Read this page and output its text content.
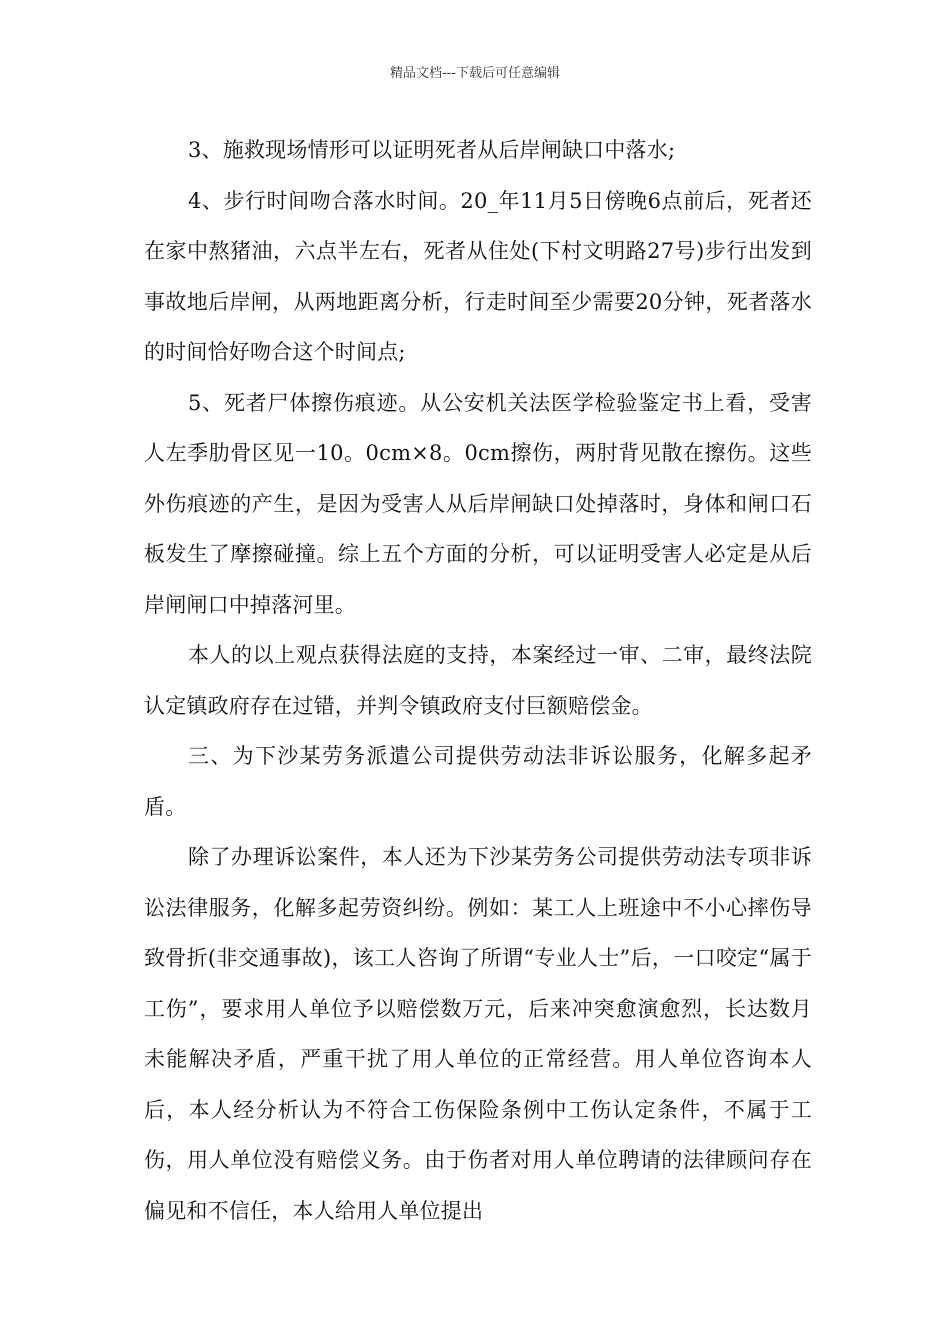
精品文档---下载后可任意编辑

3、施救现场情形可以证明死者从后岸闸缺口中落水;

4、步行时间吻合落水时间。20_年11月5日傍晚6点前后，死者还在家中熬猪油，六点半左右，死者从住处(下村文明路27号)步行出发到事故地后岸闸，从两地距离分析，行走时间至少需要20分钟，死者落水的时间恰好吻合这个时间点;

5、死者尸体擦伤痕迹。从公安机关法医学检验鉴定书上看，受害人左季肋骨区见一10。0cm×8。0cm擦伤，两肘背见散在擦伤。这些外伤痕迹的产生，是因为受害人从后岸闸缺口处掉落时，身体和闸口石板发生了摩擦碰撞。综上五个方面的分析，可以证明受害人必定是从后岸闸闸口中掉落河里。

本人的以上观点获得法庭的支持，本案经过一审、二审，最终法院认定镇政府存在过错，并判令镇政府支付巨额赔偿金。

三、为下沙某劳务派遣公司提供劳动法非诉讼服务，化解多起矛盾。

除了办理诉讼案件，本人还为下沙某劳务公司提供劳动法专项非诉讼法律服务，化解多起劳资纠纷。例如：某工人上班途中不小心摔伤导致骨折(非交通事故)，该工人咨询了所谓“专业人士”后，一口咬定“属于工伤”，要求用人单位予以赔偿数万元，后来冲突愈演愈烈，长达数月未能解决矛盾，严重干扰了用人单位的正常经营。用人单位咨询本人后，本人经分析认为不符合工伤保险条例中工伤认定条件，不属于工伤，用人单位没有赔偿义务。由于伤者对用人单位聘请的法律顾问存在偏见和不信任，本人给用人单位提出
